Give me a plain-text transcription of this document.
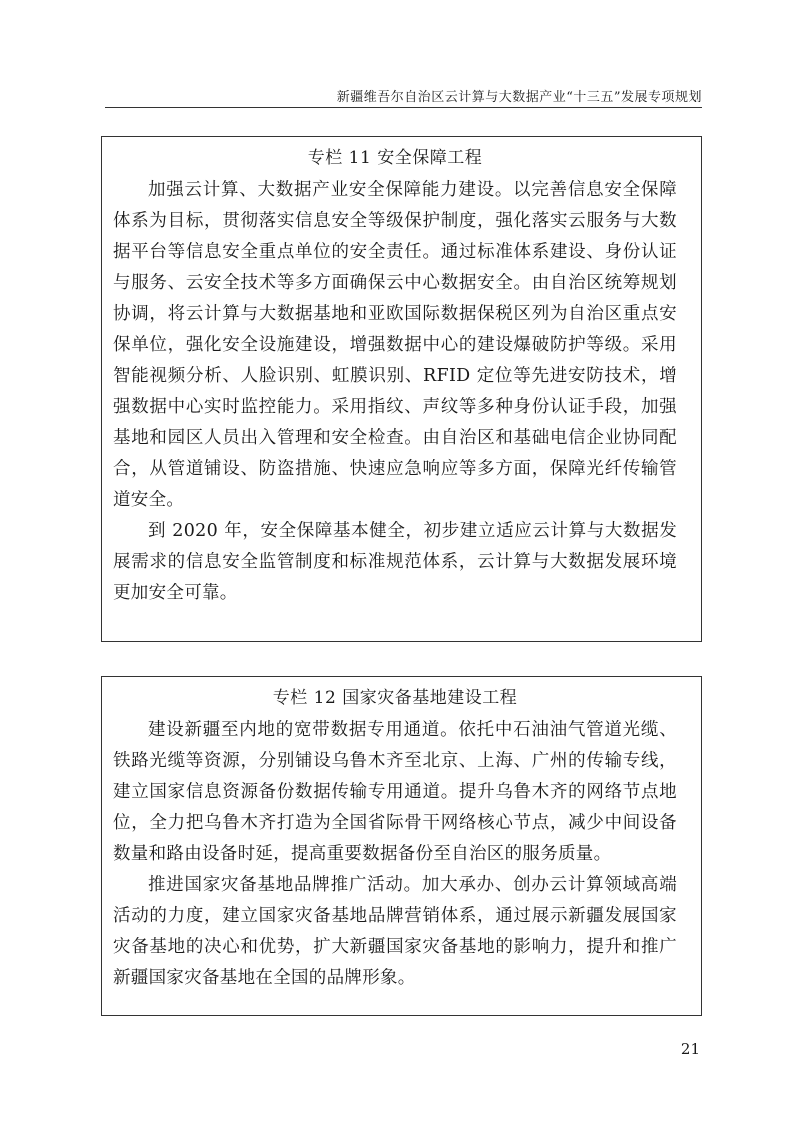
新疆维吾尔自治区云计算与大数据产业“十三五”发展专项规划
专栏 11 安全保障工程

加强云计算、大数据产业安全保障能力建设。以完善信息安全保障体系为目标，贯彻落实信息安全等级保护制度，强化落实云服务与大数据平台等信息安全重点单位的安全责任。通过标准体系建设、身份认证与服务、云安全技术等多方面确保云中心数据安全。由自治区统筹规划协调，将云计算与大数据基地和亚欧国际数据保税区列为自治区重点安保单位，强化安全设施建设，增强数据中心的建设爆破防护等级。采用智能视频分析、人脸识别、虹膜识别、RFID 定位等先进安防技术，增强数据中心实时监控能力。采用指纹、声纹等多种身份认证手段，加强基地和园区人员出入管理和安全检查。由自治区和基础电信企业协同配合，从管道铺设、防盗措施、快速应急响应等多方面，保障光纤传输管道安全。

到 2020 年，安全保障基本健全，初步建立适应云计算与大数据发展需求的信息安全监管制度和标准规范体系，云计算与大数据发展环境更加安全可靠。

专栏 12 国家灾备基地建设工程

建设新疆至内地的宽带数据专用通道。依托中石油油气管道光缆、铁路光缆等资源，分别铺设乌鲁木齐至北京、上海、广州的传输专线，建立国家信息资源备份数据传输专用通道。提升乌鲁木齐的网络节点地位，全力把乌鲁木齐打造为全国省际骨干网络核心节点，减少中间设备数量和路由设备时延，提高重要数据备份至自治区的服务质量。

推进国家灾备基地品牌推广活动。加大承办、创办云计算领域高端活动的力度，建立国家灾备基地品牌营销体系，通过展示新疆发展国家灾备基地的决心和优势，扩大新疆国家灾备基地的影响力，提升和推广新疆国家灾备基地在全国的品牌形象。

21
